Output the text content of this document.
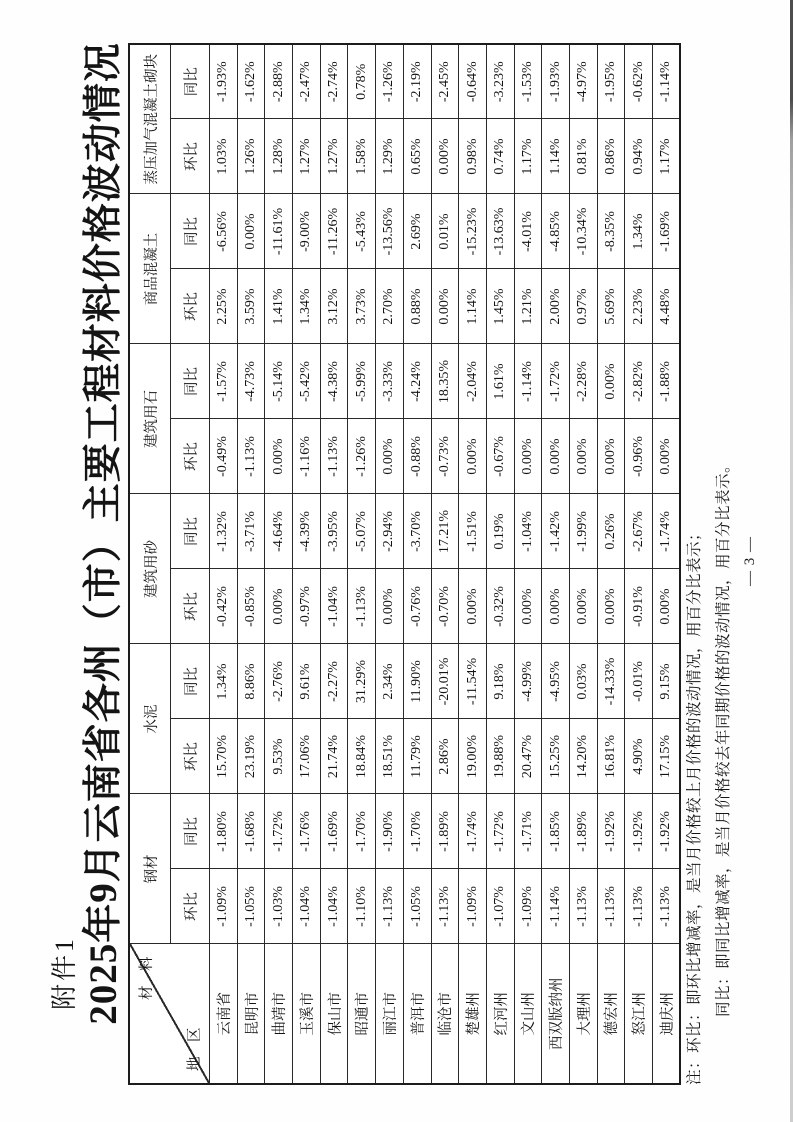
附件1 2025年9月云南省各州（市）主要工程材料价格波动情况 材　料
地　区	钢材		水泥		建筑用砂		建筑用石		商品混凝土		蒸压加气混凝土砌块	
	环比	同比	环比	同比	环比	同比	环比	同比	环比	同比	环比	同比
云南省	-1.09%	-1.80%	15.70%	1.34%	-0.42%	-1.32%	-0.49%	-1.57%	2.25%	-6.56%	1.03%	-1.93%
昆明市	-1.05%	-1.68%	23.19%	8.86%	-0.85%	-3.71%	-1.13%	-4.73%	3.59%	0.00%	1.26%	-1.62%
曲靖市	-1.03%	-1.72%	9.53%	-2.76%	0.00%	-4.64%	0.00%	-5.14%	1.41%	-11.61%	1.28%	-2.88%
玉溪市	-1.04%	-1.76%	17.06%	9.61%	-0.97%	-4.39%	-1.16%	-5.42%	1.34%	-9.00%	1.27%	-2.47%
保山市	-1.04%	-1.69%	21.74%	-2.27%	-1.04%	-3.95%	-1.13%	-4.38%	3.12%	-11.26%	1.27%	-2.74%
昭通市	-1.10%	-1.70%	18.84%	31.29%	-1.13%	-5.07%	-1.26%	-5.99%	3.73%	-5.43%	1.58%	0.78%
丽江市	-1.13%	-1.90%	18.51%	2.34%	0.00%	-2.94%	0.00%	-3.33%	2.70%	-13.56%	1.29%	-1.26%
普洱市	-1.05%	-1.70%	11.79%	11.90%	-0.76%	-3.70%	-0.88%	-4.24%	0.88%	2.69%	0.65%	-2.19%
临沧市	-1.13%	-1.89%	2.86%	-20.01%	-0.70%	17.21%	-0.73%	18.35%	0.00%	0.01%	0.00%	-2.45%
楚雄州	-1.09%	-1.74%	19.00%	-11.54%	0.00%	-1.51%	0.00%	-2.04%	1.14%	-15.23%	0.98%	-0.64%
红河州	-1.07%	-1.72%	19.88%	9.18%	-0.32%	0.19%	-0.67%	1.61%	1.45%	-13.63%	0.74%	-3.23%
文山州	-1.09%	-1.71%	20.47%	-4.99%	0.00%	-1.04%	0.00%	-1.14%	1.21%	-4.01%	1.17%	-1.53%
西双版纳州	-1.14%	-1.85%	15.25%	-4.95%	0.00%	-1.42%	0.00%	-1.72%	2.00%	-4.85%	1.14%	-1.93%
大理州	-1.13%	-1.89%	14.20%	0.03%	0.00%	-1.99%	0.00%	-2.28%	0.97%	-10.34%	0.81%	-4.97%
德宏州	-1.13%	-1.92%	16.81%	-14.33%	0.00%	0.26%	0.00%	0.00%	5.69%	-8.35%	0.86%	-1.95%
怒江州	-1.13%	-1.92%	4.90%	-0.01%	-0.91%	-2.67%	-0.96%	-2.82%	2.23%	1.34%	0.94%	-0.62%
迪庆州	-1.13%	-1.92%	17.15%	9.15%	0.00%	-1.74%	0.00%	-1.88%	4.48%	-1.69%	1.17%	-1.14%
注：环比：即环比增减率，是当月价格较上月价格的波动情况，用百分比表示； 同比：即同比增减率，是当月价格较去年同期价格的波动情况，用百分比表示。 — 3 —
